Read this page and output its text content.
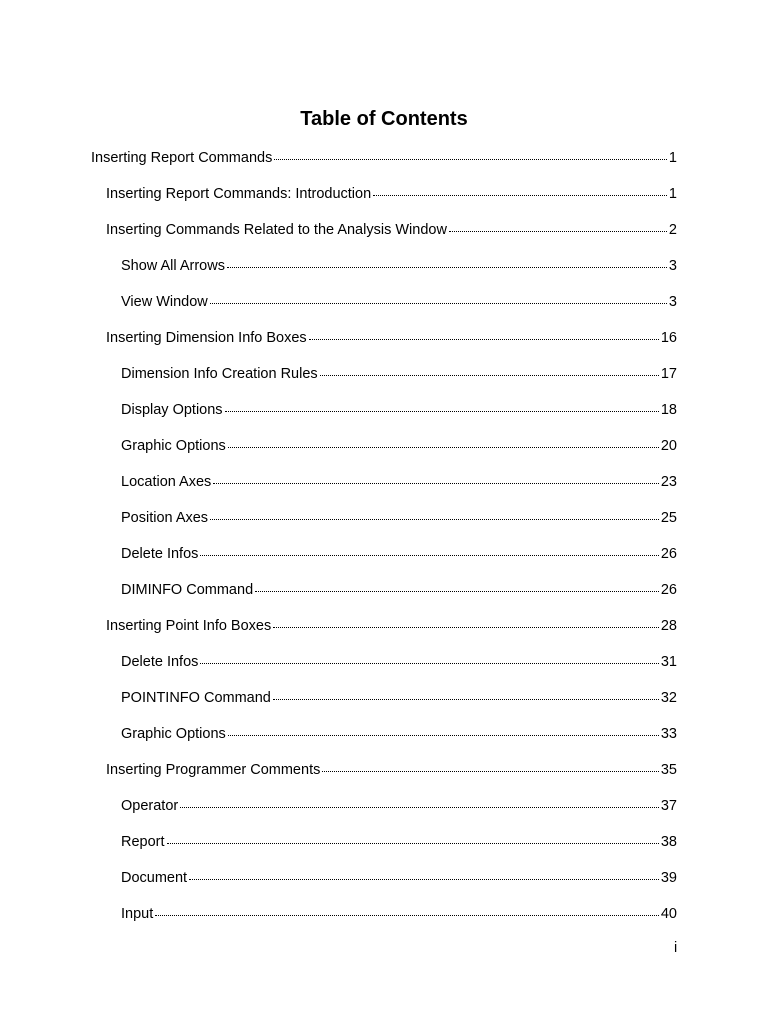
Table of Contents
Inserting Report Commands	1
Inserting Report Commands: Introduction	1
Inserting Commands Related to the Analysis Window	2
Show All Arrows	3
View Window	3
Inserting Dimension Info Boxes	16
Dimension Info Creation Rules	17
Display Options	18
Graphic Options	20
Location Axes	23
Position Axes	25
Delete Infos	26
DIMINFO Command	26
Inserting Point Info Boxes	28
Delete Infos	31
POINTINFO Command	32
Graphic Options	33
Inserting Programmer Comments	35
Operator	37
Report	38
Document	39
Input	40
i
